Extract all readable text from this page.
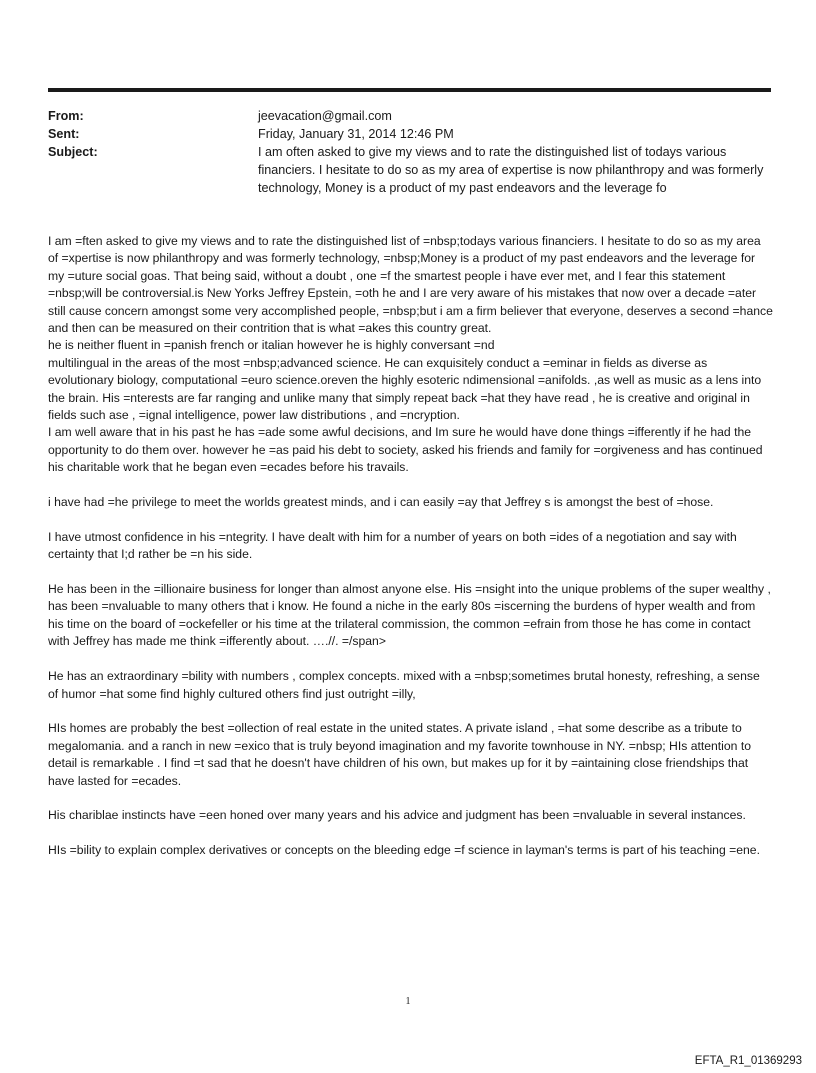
From:	jeevacation@gmail.com
Sent:	Friday, January 31, 2014 12:46 PM
Subject:	I am often asked to give my views and to rate the distinguished list of todays various financiers. I hesitate to do so as my area of expertise is now philanthropy and was formerly technology, Money is a product of my past endeavors and the leverage fo

I am =ften asked to give my views and to rate the distinguished list of =nbsp;todays various financiers. I hesitate to do so as my area of =xpertise is now philanthropy and was formerly technology, =nbsp;Money is a product of my past endeavors and the leverage for my =uture social goas. That being said, without a doubt , one =f the smartest people i have ever met, and I fear this statement =nbsp;will be controversial.is New Yorks Jeffrey Epstein, =oth he and I are very aware of his mistakes that now over a decade =ater still cause concern amongst some very accomplished people, =nbsp;but i am a firm believer that everyone, deserves a second =hance and then can be measured on their contrition that is what =akes this country great.
he is neither fluent in =panish french or italian however he is highly conversant =nd
multilingual in the areas of the most =nbsp;advanced science. He can exquisitely conduct a =eminar in fields as diverse as evolutionary biology, computational =euro science.oreven the highly esoteric ndimensional =anifolds. ,as well as music as a lens into the brain. His =nterests are far ranging and unlike many that simply repeat back =hat they have read , he is creative and original in fields such ase , =ignal intelligence, power law distributions , and =ncryption.
I am well aware that in his past he has =ade some awful decisions, and Im sure he would have done things =ifferently if he had the opportunity to do them over. however he =as paid his debt to society, asked his friends and family for =orgiveness and has continued his charitable work that he began even =ecades before his travails.

i have had =he privilege to meet the worlds greatest minds, and i can easily =ay that Jeffrey s is amongst the best of =hose.

I have utmost confidence in his =ntegrity. I have dealt with him for a number of years on both =ides of a negotiation and say with certainty that I;d rather be =n his side.

He has been in the =illionaire business for longer than almost anyone else. His =nsight into the unique problems of the super wealthy , has been =nvaluable to many others that i know. He found a niche in the early 80s =iscerning the burdens of hyper wealth and from his time on the board of =ockefeller or his time at the trilateral commission, the common =efrain from those he has come in contact with Jeffrey has made me think =ifferently about. ….//. =/span>

He has an extraordinary =bility with numbers , complex concepts. mixed with a =nbsp;sometimes brutal honesty, refreshing, a sense of humor =hat some find highly cultured others find just outright =illy,

HIs homes are probably the best =ollection of real estate in the united states. A private island , =hat some describe as a tribute to megalomania. and a ranch in new =exico that is truly beyond imagination and my favorite townhouse in NY. =nbsp; HIs attention to detail is remarkable . I find =t sad that he doesn't have children of his own, but makes up for it by =aintaining close friendships that have lasted for =ecades.

His chariblae instincts have =een honed over many years and his advice and judgment has been =nvaluable in several instances.

HIs =bility to explain complex derivatives or concepts on the bleeding edge =f science in layman's terms is part of his teaching =ene.

1
EFTA_R1_01369293
